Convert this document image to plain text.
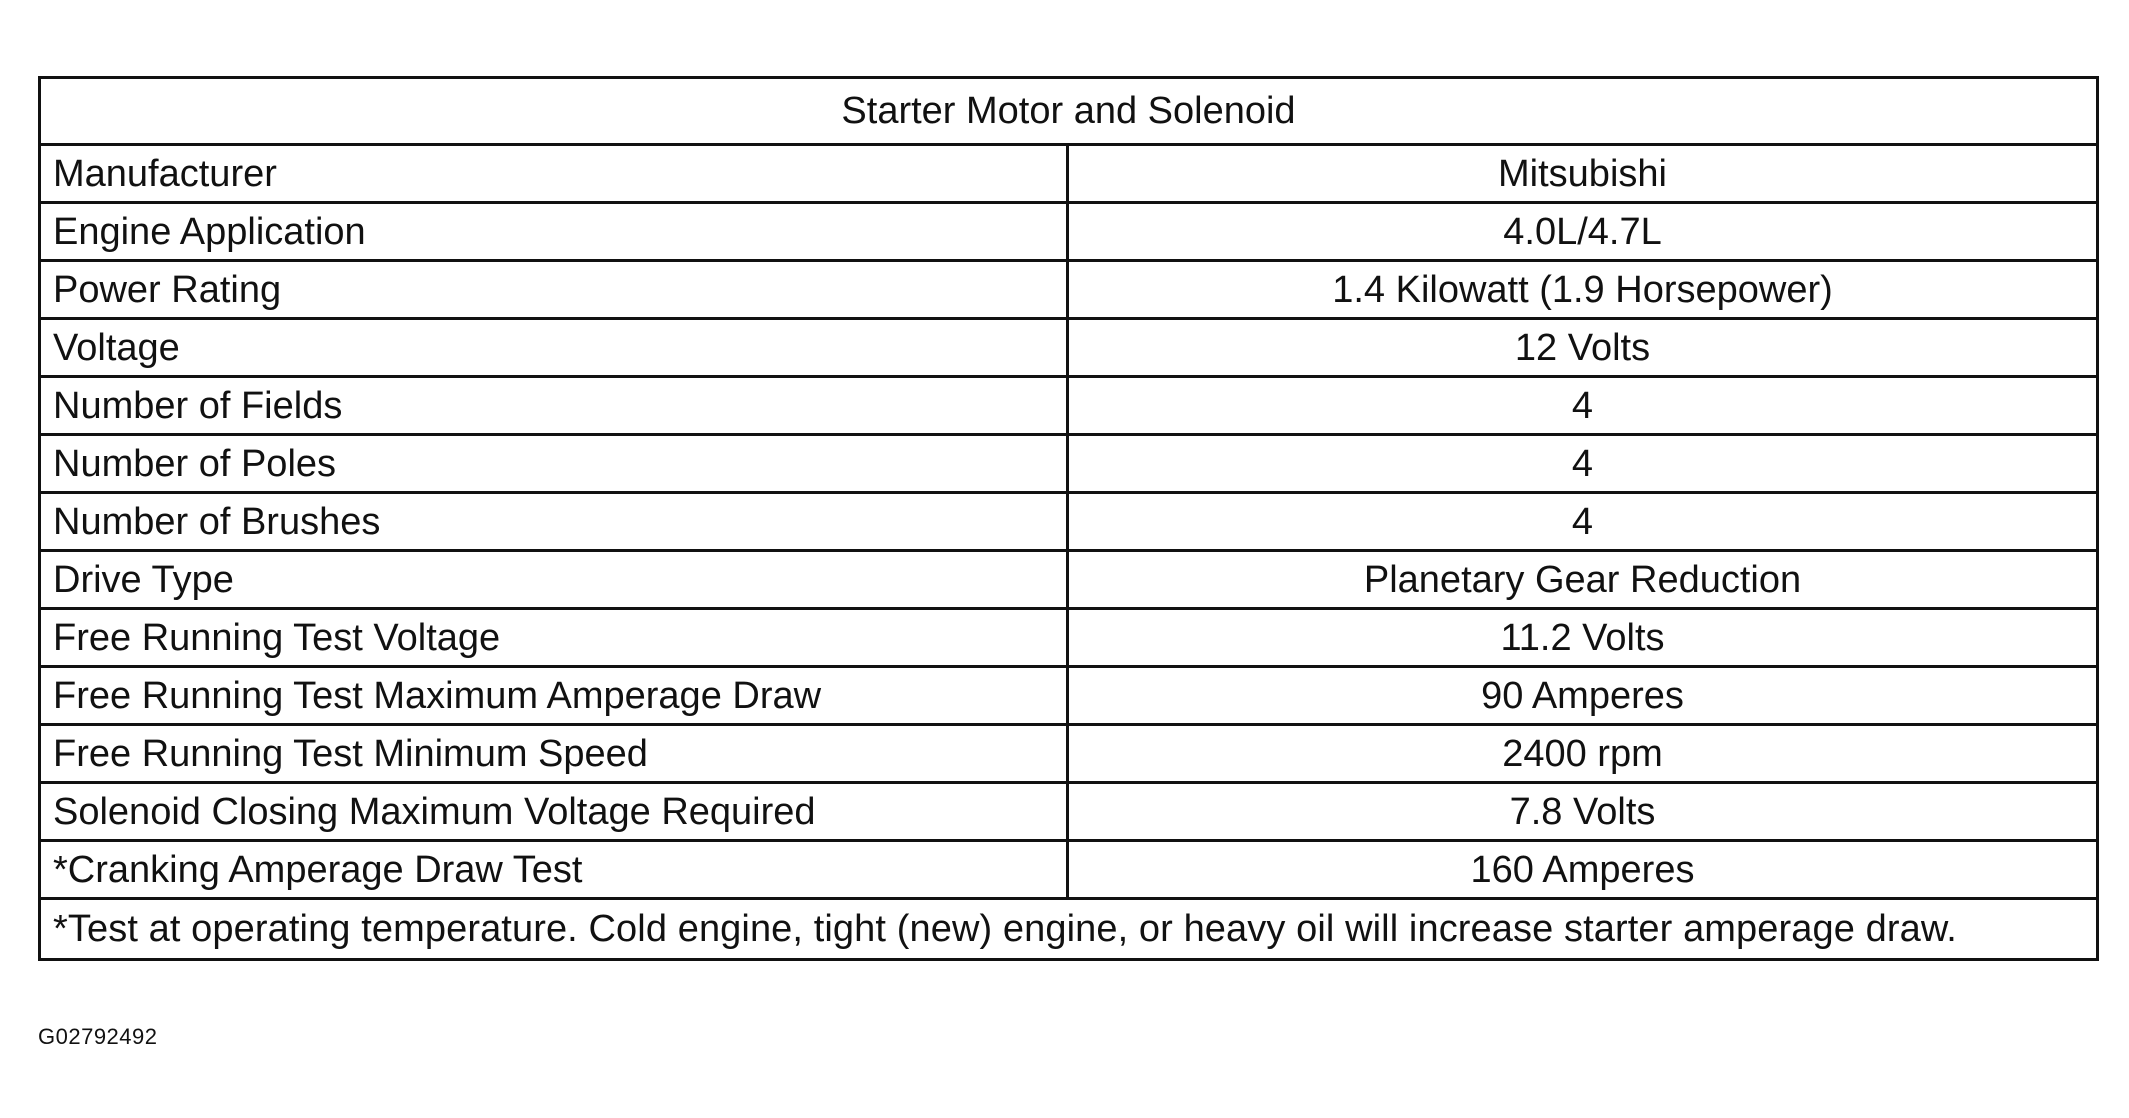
Starter Motor and Solenoid	
Manufacturer	Mitsubishi
Engine Application	4.0L/4.7L
Power Rating	1.4 Kilowatt (1.9 Horsepower)
Voltage	12 Volts
Number of Fields	4
Number of Poles	4
Number of Brushes	4
Drive Type	Planetary Gear Reduction
Free Running Test Voltage	11.2 Volts
Free Running Test Maximum Amperage Draw	90 Amperes
Free Running Test Minimum Speed	2400 rpm
Solenoid Closing Maximum Voltage Required	7.8 Volts
*Cranking Amperage Draw Test	160 Amperes
*Test at operating temperature. Cold engine, tight (new) engine, or heavy oil will increase starter amperage draw.	
G02792492
